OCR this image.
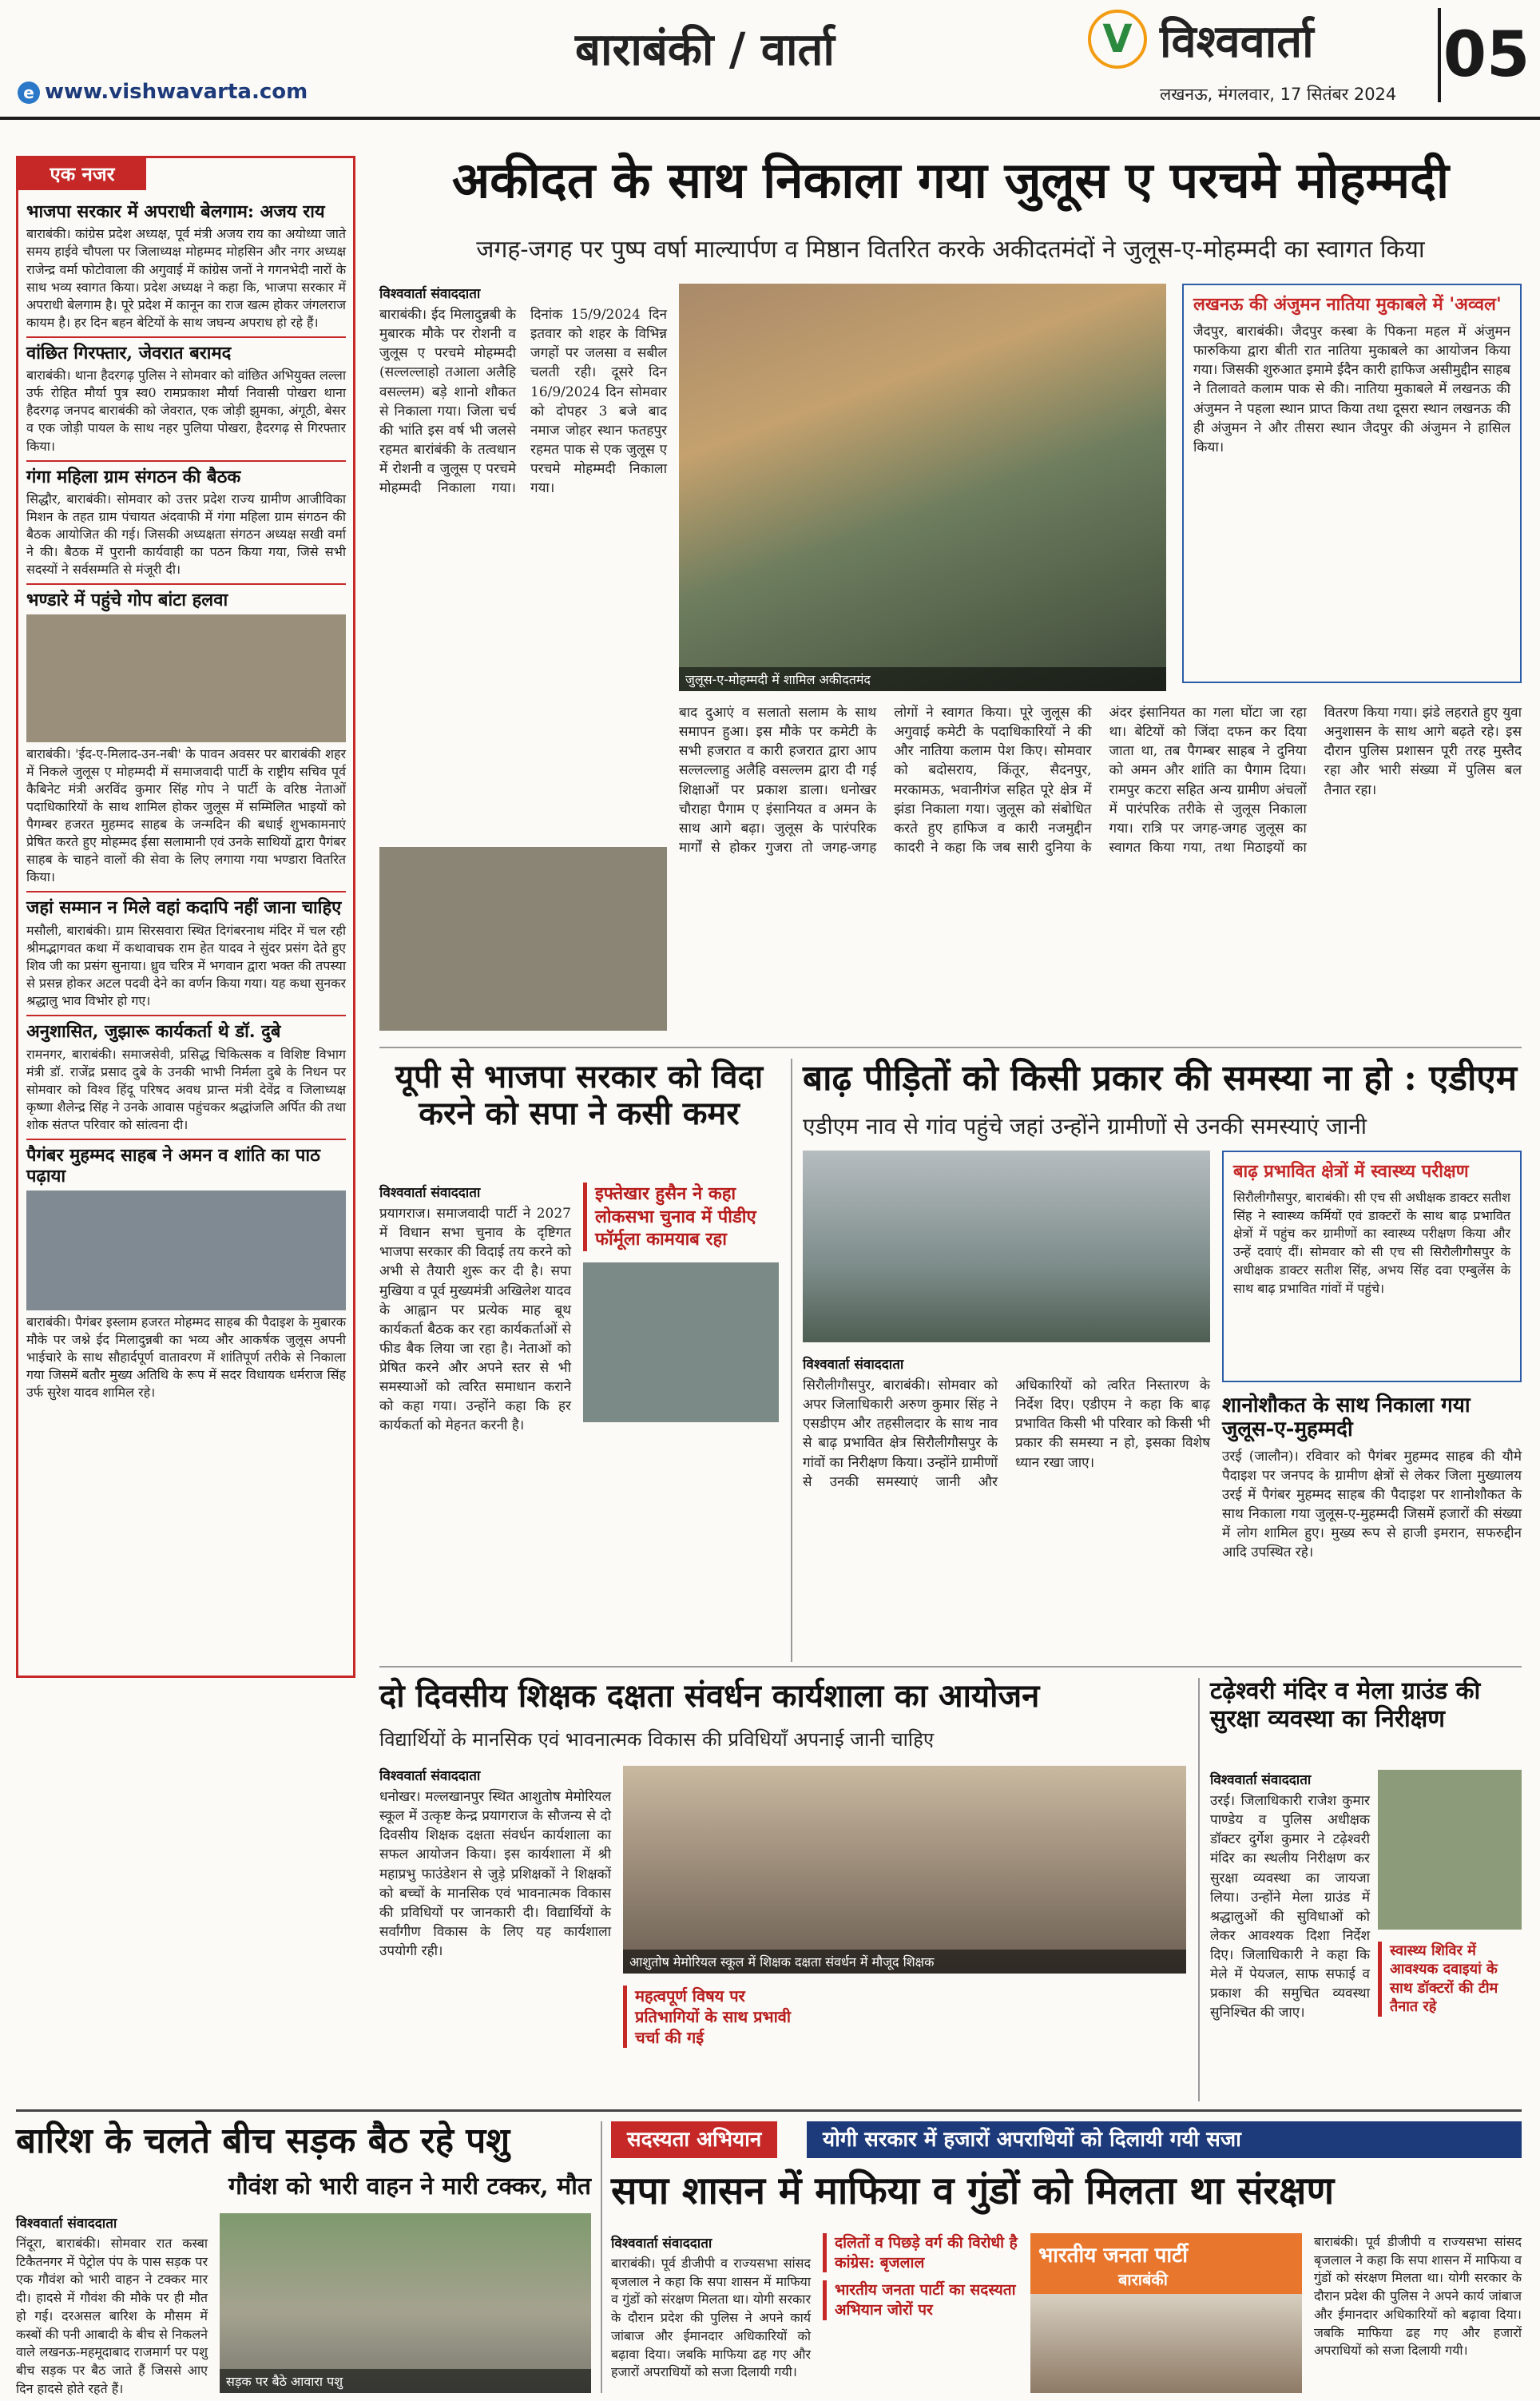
e www.vishwavarta.com
बाराबंकी / वार्ता	V विश्ववार्ता
लखनऊ, मंगलवार, 17 सितंबर 2024
05
एक नजर
भाजपा सरकार में अपराधी बेलगाम: अजय राय
बाराबंकी। कांग्रेस प्रदेश अध्यक्ष, पूर्व मंत्री अजय राय का अयोध्या जाते समय हाईवे चौपला पर जिलाध्यक्ष मोहम्मद मोहसिन और नगर अध्यक्ष राजेन्द्र वर्मा फोटोवाला की अगुवाई में कांग्रेस जनों ने गगनभेदी नारों के साथ भव्य स्वागत किया। प्रदेश अध्यक्ष ने कहा कि, भाजपा सरकार में अपराधी बेलगाम है। पूरे प्रदेश में कानून का राज खत्म होकर जंगलराज कायम है। हर दिन बहन बेटियों के साथ जघन्य अपराध हो रहे हैं।
वांछित गिरफ्तार, जेवरात बरामद
बाराबंकी। थाना हैदरगढ़ पुलिस ने सोमवार को वांछित अभियुक्त लल्ला उर्फ रोहित मौर्या पुत्र स्व0 रामप्रकाश मौर्या निवासी पोखरा थाना हैदरगढ़ जनपद बाराबंकी को जेवरात, एक जोड़ी झुमका, अंगूठी, बेसर व एक जोड़ी पायल के साथ नहर पुलिया पोखरा, हैदरगढ़ से गिरफ्तार किया।
गंगा महिला ग्राम संगठन की बैठक
सिद्धौर, बाराबंकी। सोमवार को उत्तर प्रदेश राज्य ग्रामीण आजीविका मिशन के तहत ग्राम पंचायत अंदवाफी में गंगा महिला ग्राम संगठन की बैठक आयोजित की गई। जिसकी अध्यक्षता संगठन अध्यक्ष सखी वर्मा ने की। बैठक में पुरानी कार्यवाही का पठन किया गया, जिसे सभी सदस्यों ने सर्वसम्मति से मंजूरी दी।
भण्डारे में पहुंचे गोप बांटा हलवा
बाराबंकी। 'ईद-ए-मिलाद-उन-नबी' के पावन अवसर पर बाराबंकी शहर में निकले जुलूस ए मोहम्मदी में समाजवादी पार्टी के राष्ट्रीय सचिव पूर्व कैबिनेट मंत्री अरविंद कुमार सिंह गोप ने पार्टी के वरिष्ठ नेताओं पदाधिकारियों के साथ शामिल होकर जुलूस में सम्मिलित भाइयों को पैगम्बर हजरत मुहम्मद साहब के जन्मदिन की बधाई शुभकामनाएं प्रेषित करते हुए मोहम्मद ईसा सलामानी एवं उनके साथियों द्वारा पैगंबर साहब के चाहने वालों की सेवा के लिए लगाया गया भण्डारा वितरित किया।
जहां सम्मान न मिले वहां कदापि नहीं जाना चाहिए
मसौली, बाराबंकी। ग्राम सिरसवारा स्थित दिगंबरनाथ मंदिर में चल रही श्रीमद्भागवत कथा में कथावाचक राम हेत यादव ने सुंदर प्रसंग देते हुए शिव जी का प्रसंग सुनाया। ध्रुव चरित्र में भगवान द्वारा भक्त की तपस्या से प्रसन्न होकर अटल पदवी देने का वर्णन किया गया। यह कथा सुनकर श्रद्धालु भाव विभोर हो गए।
अनुशासित, जुझारू कार्यकर्ता थे डॉ. दुबे
रामनगर, बाराबंकी। समाजसेवी, प्रसिद्ध चिकित्सक व विशिष्ट विभाग मंत्री डॉ. राजेंद्र प्रसाद दुबे के उनकी भाभी निर्मला दुबे के निधन पर सोमवार को विश्व हिंदू परिषद अवध प्रान्त मंत्री देवेंद्र व जिलाध्यक्ष कृष्णा शैलेन्द्र सिंह ने उनके आवास पहुंचकर श्रद्धांजलि अर्पित की तथा शोक संतप्त परिवार को सांत्वना दी।
पैगंबर मुहम्मद साहब ने अमन व शांति का पाठ पढ़ाया
बाराबंकी। पैगंबर इस्लाम हजरत मोहम्मद साहब की पैदाइश के मुबारक मौके पर जश्ने ईद मिलादुन्नबी का भव्य और आकर्षक जुलूस अपनी भाईचारे के साथ सौहार्दपूर्ण वातावरण में शांतिपूर्ण तरीके से निकाला गया जिसमें बतौर मुख्य अतिथि के रूप में सदर विधायक धर्मराज सिंह उर्फ सुरेश यादव शामिल रहे।
अकीदत के साथ निकाला गया जुलूस ए परचमे मोहम्मदी
जगह-जगह पर पुष्प वर्षा माल्यार्पण व मिष्ठान वितरित करके अकीदतमंदों ने जुलूस-ए-मोहम्मदी का स्वागत किया
विश्ववार्ता संवाददाता
बाराबंकी। ईद मिलादुन्नबी के मुबारक मौके पर रोशनी व जुलूस ए परचमे मोहम्मदी (सल्लल्लाहो तआला अलैहि वसल्लम) बड़े शानो शौकत से निकाला गया। जिला चर्च की भांति इस वर्ष भी जलसे रहमत बारांबंकी के तत्वधान में रोशनी व जुलूस ए परचमे मोहम्मदी निकाला गया। दिनांक 15/9/2024 दिन इतवार को शहर के विभिन्न जगहों पर जलसा व सबील चलती रही। दूसरे दिन 16/9/2024 दिन सोमवार को दोपहर 3 बजे बाद नमाज जोहर स्थान फतहपुर रहमत पाक से एक जुलूस ए परचमे मोहम्मदी निकाला गया।
जुलूस-ए-मोहम्मदी में शामिल अकीदतमंद
लखनऊ की अंजुमन नातिया मुकाबले में 'अव्वल'
जैदपुर, बाराबंकी। जैदपुर कस्बा के पिकना महल में अंजुमन फारुकिया द्वारा बीती रात नातिया मुकाबले का आयोजन किया गया। जिसकी शुरुआत इमामे ईदैन कारी हाफिज असीमुद्दीन साहब ने तिलावते कलाम पाक से की। नातिया मुकाबले में लखनऊ की अंजुमन ने पहला स्थान प्राप्त किया तथा दूसरा स्थान लखनऊ की ही अंजुमन ने और तीसरा स्थान जैदपुर की अंजुमन ने हासिल किया।
बाद दुआएं व सलातो सलाम के साथ समापन हुआ। इस मौके पर कमेटी के सभी हजरात व कारी हजरात द्वारा आप सल्लल्लाहु अलैहि वसल्लम द्वारा दी गई शिक्षाओं पर प्रकाश डाला। धनोखर चौराहा पैगाम ए इंसानियत व अमन के साथ आगे बढ़ा। जुलूस के पारंपरिक मार्गों से होकर गुजरा तो जगह-जगह लोगों ने स्वागत किया। पूरे जुलूस की अगुवाई कमेटी के पदाधिकारियों ने की और नातिया कलाम पेश किए। सोमवार को बदोसराय, किंतूर, सैदनपुर, मरकामऊ, भवानीगंज सहित पूरे क्षेत्र में झंडा निकाला गया। जुलूस को संबोधित करते हुए हाफिज व कारी नजमुद्दीन कादरी ने कहा कि जब सारी दुनिया के अंदर इंसानियत का गला घोंटा जा रहा था। बेटियों को जिंदा दफन कर दिया जाता था, तब पैगम्बर साहब ने दुनिया को अमन और शांति का पैगाम दिया। रामपुर कटरा सहित अन्य ग्रामीण अंचलों में पारंपरिक तरीके से जुलूस निकाला गया। रात्रि पर जगह-जगह जुलूस का स्वागत किया गया, तथा मिठाइयों का वितरण किया गया। झंडे लहराते हुए युवा अनुशासन के साथ आगे बढ़ते रहे। इस दौरान पुलिस प्रशासन पूरी तरह मुस्तैद रहा और भारी संख्या में पुलिस बल तैनात रहा।
यूपी से भाजपा सरकार को विदा करने को सपा ने कसी कमर
विश्ववार्ता संवाददाता
प्रयागराज। समाजवादी पार्टी ने 2027 में विधान सभा चुनाव के दृष्टिगत भाजपा सरकार की विदाई तय करने को अभी से तैयारी शुरू कर दी है। सपा मुखिया व पूर्व मुख्यमंत्री अखिलेश यादव के आह्वान पर प्रत्येक माह बूथ कार्यकर्ता बैठक कर रहा कार्यकर्ताओं से फीड बैक लिया जा रहा है। नेताओं को प्रेषित करने और अपने स्तर से भी समस्याओं को त्वरित समाधान कराने को कहा गया। उन्होंने कहा कि हर कार्यकर्ता को मेहनत करनी है।
इफ्तेखार हुसैन ने कहा लोकसभा चुनाव में पीडीए फॉर्मूला कामयाब रहा
बाढ़ पीड़ितों को किसी प्रकार की समस्या ना हो : एडीएम
एडीएम नाव से गांव पहुंचे जहां उन्होंने ग्रामीणों से उनकी समस्याएं जानी
बाढ़ प्रभावित क्षेत्रों में स्वास्थ्य परीक्षण
सिरौलीगौसपुर, बाराबंकी। सी एच सी अधीक्षक डाक्टर सतीश सिंह ने स्वास्थ्य कर्मियों एवं डाक्टरों के साथ बाढ़ प्रभावित क्षेत्रों में पहुंच कर ग्रामीणों का स्वास्थ्य परीक्षण किया और उन्हें दवाएं दीं। सोमवार को सी एच सी सिरौलीगौसपुर के अधीक्षक डाक्टर सतीश सिंह, अभय सिंह दवा एम्बुलेंस के साथ बाढ़ प्रभावित गांवों में पहुंचे।
विश्ववार्ता संवाददाता
सिरौलीगौसपुर, बाराबंकी। सोमवार को अपर जिलाधिकारी अरुण कुमार सिंह ने एसडीएम और तहसीलदार के साथ नाव से बाढ़ प्रभावित क्षेत्र सिरौलीगौसपुर के गांवों का निरीक्षण किया। उन्होंने ग्रामीणों से उनकी समस्याएं जानी और अधिकारियों को त्वरित निस्तारण के निर्देश दिए। एडीएम ने कहा कि बाढ़ प्रभावित किसी भी परिवार को किसी भी प्रकार की समस्या न हो, इसका विशेष ध्यान रखा जाए।
शानोशौकत के साथ निकाला गया जुलूस-ए-मुहम्मदी
उरई (जालौन)। रविवार को पैगंबर मुहम्मद साहब की यौमे पैदाइश पर जनपद के ग्रामीण क्षेत्रों से लेकर जिला मुख्यालय उरई में पैगंबर मुहम्मद साहब की पैदाइश पर शानोशौकत के साथ निकाला गया जुलूस-ए-मुहम्मदी जिसमें हजारों की संख्या में लोग शामिल हुए। मुख्य रूप से हाजी इमरान, सफरुद्दीन आदि उपस्थित रहे।
दो दिवसीय शिक्षक दक्षता संवर्धन कार्यशाला का आयोजन
विद्यार्थियों के मानसिक एवं भावनात्मक विकास की प्रविधियाँ अपनाई जानी चाहिए
विश्ववार्ता संवाददाता
धनोखर। मल्लखानपुर स्थित आशुतोष मेमोरियल स्कूल में उत्कृष्ट केन्द्र प्रयागराज के सौजन्य से दो दिवसीय शिक्षक दक्षता संवर्धन कार्यशाला का सफल आयोजन किया। इस कार्यशाला में श्री महाप्रभु फाउंडेशन से जुड़े प्रशिक्षकों ने शिक्षकों को बच्चों के मानसिक एवं भावनात्मक विकास की प्रविधियों पर जानकारी दी। विद्यार्थियों के सर्वांगीण विकास के लिए यह कार्यशाला उपयोगी रही।
आशुतोष मेमोरियल स्कूल में शिक्षक दक्षता संवर्धन में मौजूद शिक्षक
महत्वपूर्ण विषय पर प्रतिभागियों के साथ प्रभावी चर्चा की गई
टढ़ेश्वरी मंदिर व मेला ग्राउंड की सुरक्षा व्यवस्था का निरीक्षण
विश्ववार्ता संवाददाता
उरई। जिलाधिकारी राजेश कुमार पाण्डेय व पुलिस अधीक्षक डॉक्टर दुर्गेश कुमार ने टढ़ेश्वरी मंदिर का स्थलीय निरीक्षण कर सुरक्षा व्यवस्था का जायजा लिया। उन्होंने मेला ग्राउंड में श्रद्धालुओं की सुविधाओं को लेकर आवश्यक दिशा निर्देश दिए। जिलाधिकारी ने कहा कि मेले में पेयजल, साफ सफाई व प्रकाश की समुचित व्यवस्था सुनिश्चित की जाए।
स्वास्थ्य शिविर में आवश्यक दवाइयां के साथ डॉक्टरों की टीम तैनात रहे
बारिश के चलते बीच सड़क बैठ रहे पशु
गौवंश को भारी वाहन ने मारी टक्कर, मौत
विश्ववार्ता संवाददाता
निंदूरा, बाराबंकी। सोमवार रात कस्बा टिकैतनगर में पेट्रोल पंप के पास सड़क पर एक गौवंश को भारी वाहन ने टक्कर मार दी। हादसे में गौवंश की मौके पर ही मौत हो गई। दरअसल बारिश के मौसम में कस्बों की पनी आबादी के बीच से निकलने वाले लखनऊ-महमूदाबाद राजमार्ग पर पशु बीच सड़क पर बैठ जाते हैं जिससे आए दिन हादसे होते रहते हैं।	सड़क पर बैठे आवारा पशु
सदस्यता अभियान	योगी सरकार में हजारों अपराधियों को दिलायी गयी सजा
सपा शासन में माफिया व गुंडों को मिलता था संरक्षण
विश्ववार्ता संवाददाता
बाराबंकी। पूर्व डीजीपी व राज्यसभा सांसद बृजलाल ने कहा कि सपा शासन में माफिया व गुंडों को संरक्षण मिलता था। योगी सरकार के दौरान प्रदेश की पुलिस ने अपने कार्य जांबाज और ईमानदार अधिकारियों को बढ़ावा दिया। जबकि माफिया ढह गए और हजारों अपराधियों को सजा दिलायी गयी।
दलितों व पिछड़े वर्ग की विरोधी है कांग्रेस: बृजलाल
भारतीय जनता पार्टी का सदस्यता अभियान जोरों पर
भारतीय जनता पार्टी
बाराबंकी
बाराबंकी। पूर्व डीजीपी व राज्यसभा सांसद बृजलाल ने कहा कि सपा शासन में माफिया व गुंडों को संरक्षण मिलता था। योगी सरकार के दौरान प्रदेश की पुलिस ने अपने कार्य जांबाज और ईमानदार अधिकारियों को बढ़ावा दिया। जबकि माफिया ढह गए और हजारों अपराधियों को सजा दिलायी गयी।
